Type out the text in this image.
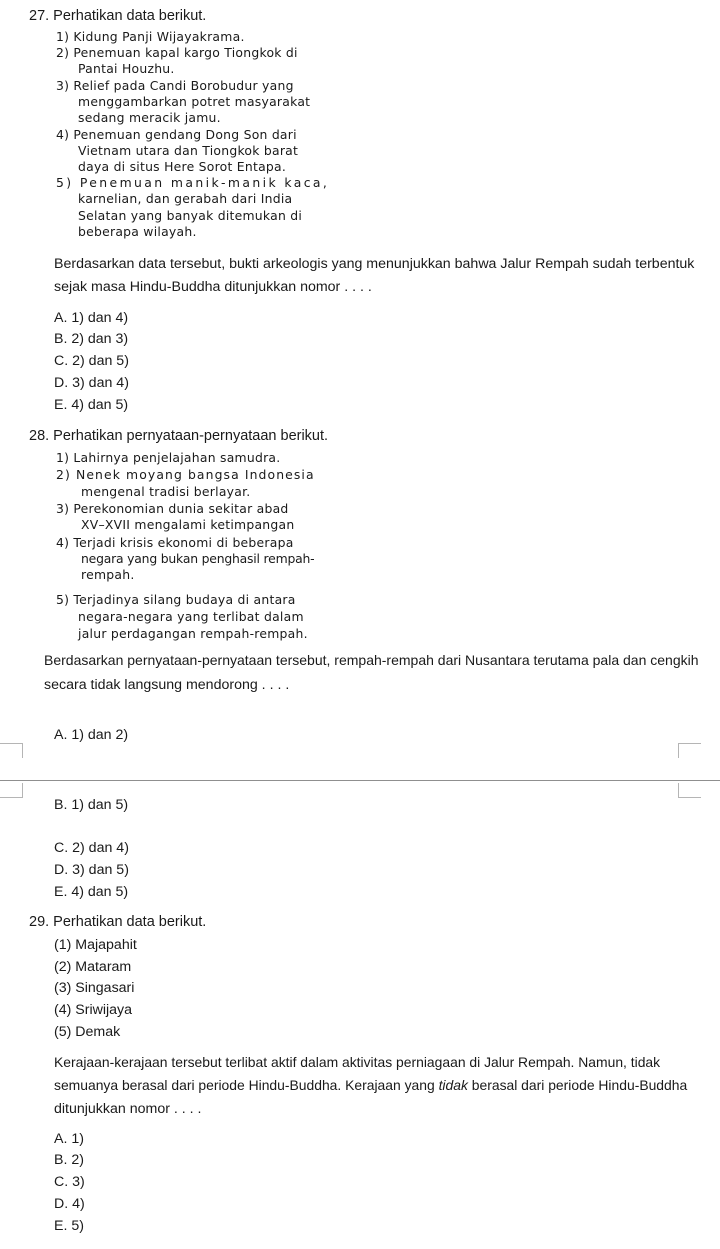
27. Perhatikan data berikut.
1) Kidung Panji Wijayakrama.
2) Penemuan kapal kargo Tiongkok di
Pantai Houzhu.
3) Relief pada Candi Borobudur yang
menggambarkan potret masyarakat
sedang meracik jamu.
4) Penemuan gendang Dong Son dari
Vietnam utara dan Tiongkok barat
daya di situs Here Sorot Entapa.
5) Penemuan manik-manik kaca,
karnelian, dan gerabah dari India
Selatan yang banyak ditemukan di
beberapa wilayah.
Berdasarkan data tersebut, bukti arkeologis yang menunjukkan bahwa Jalur Rempah sudah terbentuk
sejak masa Hindu-Buddha ditunjukkan nomor . . . .
A. 1) dan 4)
B. 2) dan 3)
C. 2) dan 5)
D. 3) dan 4)
E. 4) dan 5)
28. Perhatikan pernyataan-pernyataan berikut.
1) Lahirnya penjelajahan samudra.
2) Nenek moyang bangsa Indonesia
mengenal tradisi berlayar.
3) Perekonomian dunia sekitar abad
XV–XVII mengalami ketimpangan
4) Terjadi krisis ekonomi di beberapa
negara yang bukan penghasil rempah-
rempah.
5) Terjadinya silang budaya di antara
negara-negara yang terlibat dalam
jalur perdagangan rempah-rempah.
Berdasarkan pernyataan-pernyataan tersebut, rempah-rempah dari Nusantara terutama pala dan cengkih
secara tidak langsung mendorong . . . .
A. 1) dan 2)
B. 1) dan 5)
C. 2) dan 4)
D. 3) dan 5)
E. 4) dan 5)
29. Perhatikan data berikut.
(1) Majapahit
(2) Mataram
(3) Singasari
(4) Sriwijaya
(5) Demak
Kerajaan-kerajaan tersebut terlibat aktif dalam aktivitas perniagaan di Jalur Rempah. Namun, tidak
semuanya berasal dari periode Hindu-Buddha. Kerajaan yang tidak berasal dari periode Hindu-Buddha
ditunjukkan nomor . . . .
A. 1)
B. 2)
C. 3)
D. 4)
E. 5)
